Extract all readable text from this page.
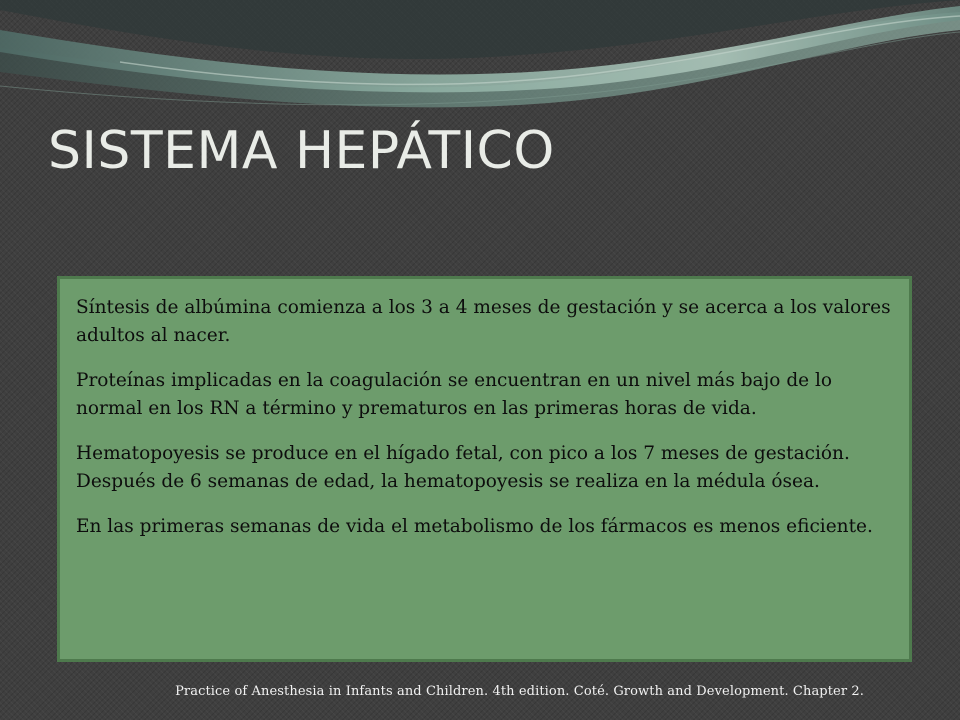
SISTEMA HEPÁTICO

Síntesis de albúmina comienza a los 3 a 4 meses de gestación y se acerca a los valores adultos al nacer.

Proteínas implicadas en la coagulación se encuentran en un nivel más bajo de lo normal en los RN a término y prematuros en las primeras horas de vida.

Hematopoyesis se produce en el hígado fetal, con pico a los 7 meses de gestación.

Después de 6 semanas de edad, la hematopoyesis se realiza en la médula ósea.

En las primeras semanas de vida el metabolismo de los fármacos es menos eficiente.

Practice of Anesthesia in Infants and Children. 4th edition. Coté. Growth and Development. Chapter 2.
